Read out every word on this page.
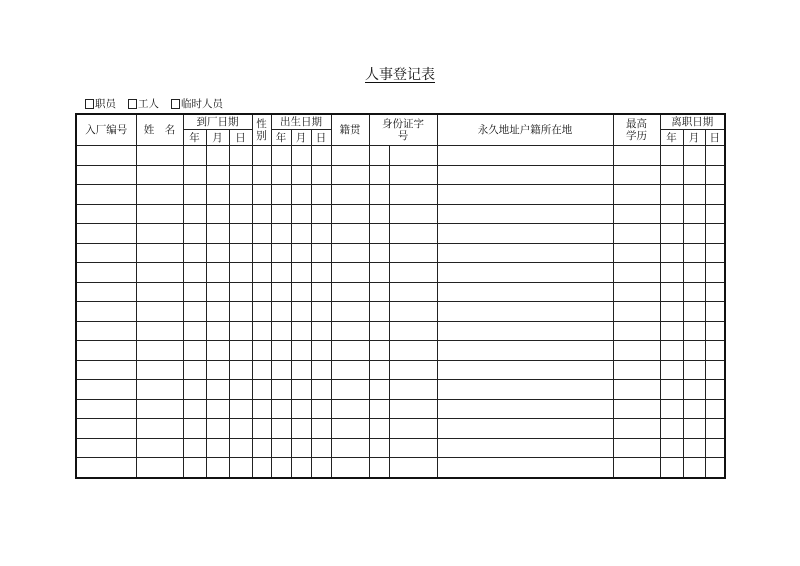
人事登记表
职员 工人 临时人员
入厂编号	姓　名	到厂日期			性别	出生日期			籍贯	身份证字号		永久地址户籍所在地	最高学历	离职日期		
		年	月	日		年	月	日						年	月	日
